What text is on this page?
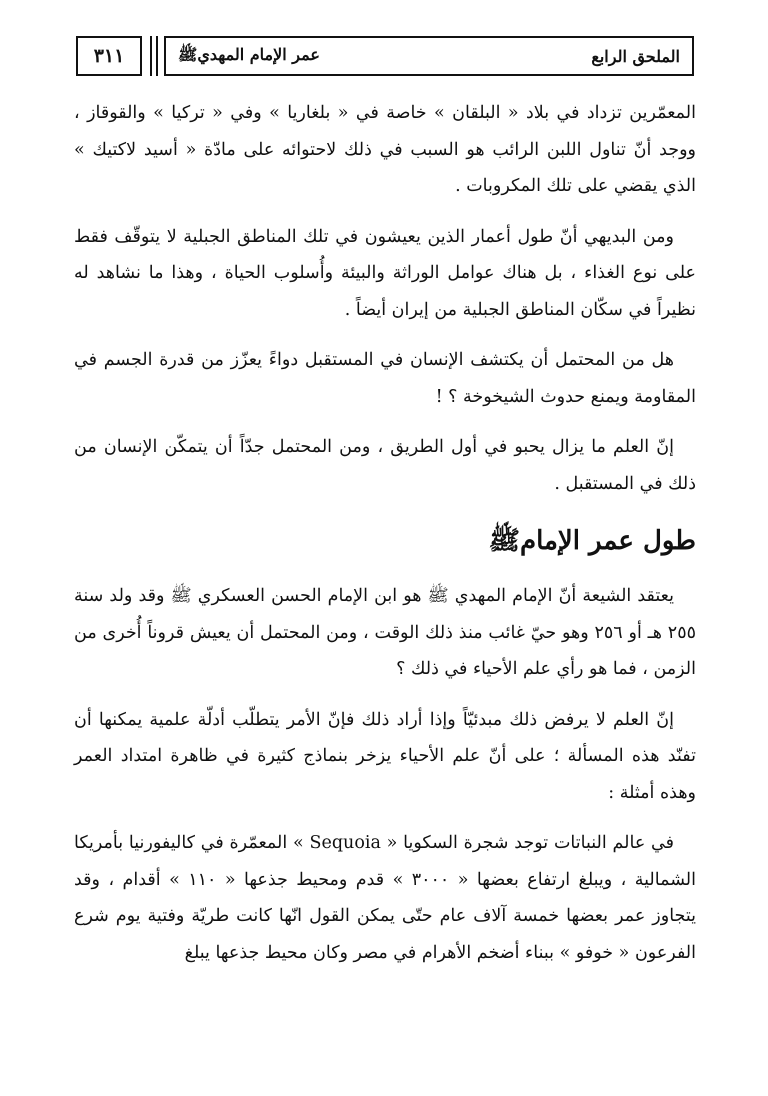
٣١١	الملحق الرابع
عمر الإمام المهديﷺ

المعمّرين تزداد في بلاد « البلقان » خاصة في « بلغاريا » وفي « تركيا » والقوقاز ، ووجد أنّ تناول اللبن الرائب هو السبب في ذلك لاحتوائه على مادّة « أسيد لاكتيك » الذي يقضي على تلك المكروبات .

ومن البديهي أنّ طول أعمار الذين يعيشون في تلك المناطق الجبلية لا يتوقّف فقط على نوع الغذاء ، بل هناك عوامل الوراثة والبيئة وأُسلوب الحياة ، وهذا ما نشاهد له نظيراً في سكّان المناطق الجبلية من إيران أيضاً .

هل من المحتمل أن يكتشف الإنسان في المستقبل دواءً يعزّز من قدرة الجسم في المقاومة ويمنع حدوث الشيخوخة ؟ !

إنّ العلم ما يزال يحبو في أول الطريق ، ومن المحتمل جدّاً أن يتمكّن الإنسان من ذلك في المستقبل .

طول عمر الإمامﷺ

يعتقد الشيعة أنّ الإمام المهدي ﷺ هو ابن الإمام الحسن العسكري ﷺ وقد ولد سنة ٢٥٥ هـ أو ٢٥٦ وهو حيّ غائب منذ ذلك الوقت ، ومن المحتمل أن يعيش قروناً أُخرى من الزمن ، فما هو رأي علم الأحياء في ذلك ؟

إنّ العلم لا يرفض ذلك مبدئيّاً وإذا أراد ذلك فإنّ الأمر يتطلّب أدلّة علمية يمكنها أن تفنّد هذه المسألة ؛ على أنّ علم الأحياء يزخر بنماذج كثيرة في ظاهرة امتداد العمر وهذه أمثلة :

في عالم النباتات توجد شجرة السكويا « Sequoia » المعمّرة في كاليفورنيا بأمريكا الشمالية ، ويبلغ ارتفاع بعضها « ٣٠٠٠ » قدم ومحيط جذعها « ١١٠ » أقدام ، وقد يتجاوز عمر بعضها خمسة آلاف عام حتّى يمكن القول انّها كانت طريّة وفتية يوم شرع الفرعون « خوفو » ببناء أضخم الأهرام في مصر وكان محيط جذعها يبلغ
